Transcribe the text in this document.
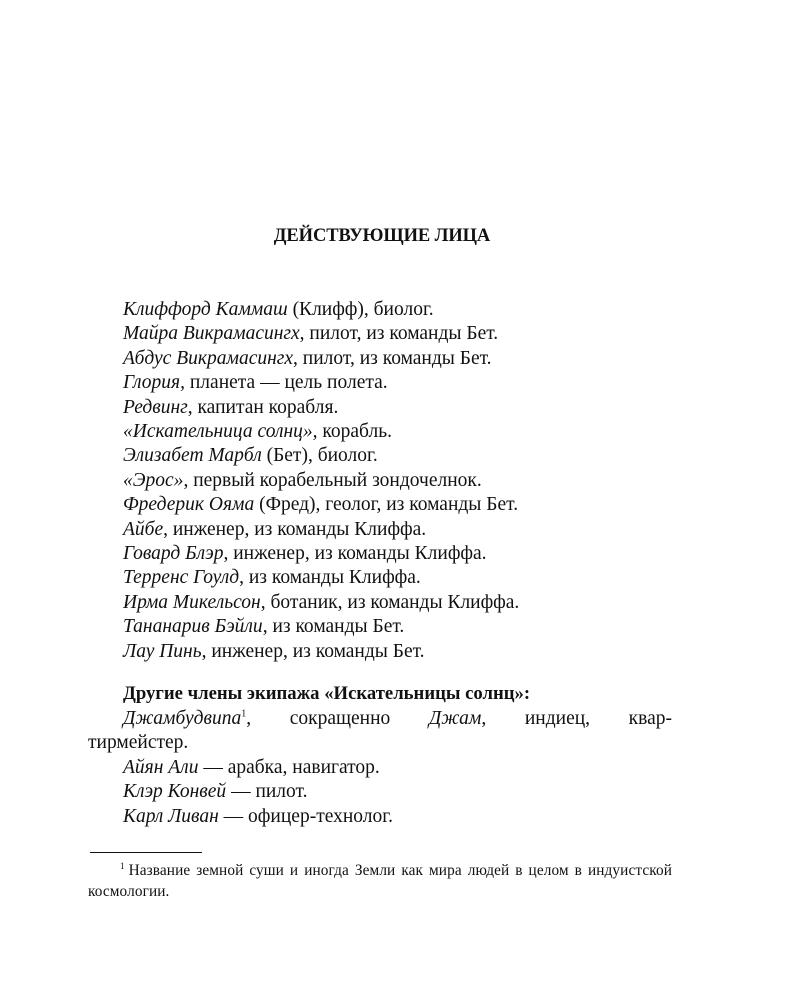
ДЕЙСТВУЮЩИЕ ЛИЦА
Клиффорд Каммаш (Клифф), биолог.
Майра Викрамасингх, пилот, из команды Бет.
Абдус Викрамасингх, пилот, из команды Бет.
Глория, планета — цель полета.
Редвинг, капитан корабля.
«Искательница солнц», корабль.
Элизабет Марбл (Бет), биолог.
«Эрос», первый корабельный зондочелнок.
Фредерик Ояма (Фред), геолог, из команды Бет.
Айбе, инженер, из команды Клиффа.
Говард Блэр, инженер, из команды Клиффа.
Терренс Гоулд, из команды Клиффа.
Ирма Микельсон, ботаник, из команды Клиффа.
Тананарив Бэйли, из команды Бет.
Лау Пинь, инженер, из команды Бет.
Другие члены экипажа «Искательницы солнц»:
Джамбудвипа$^1$, сокращенно Джам, индиец, квар-
тирмейстер.
Айян Али — арабка, навигатор.
Клэр Конвей — пилот.
Карл Ливан — офицер-технолог.
$^1$ Название земной суши и иногда Земли как мира людей в целом в индуистской космологии.
